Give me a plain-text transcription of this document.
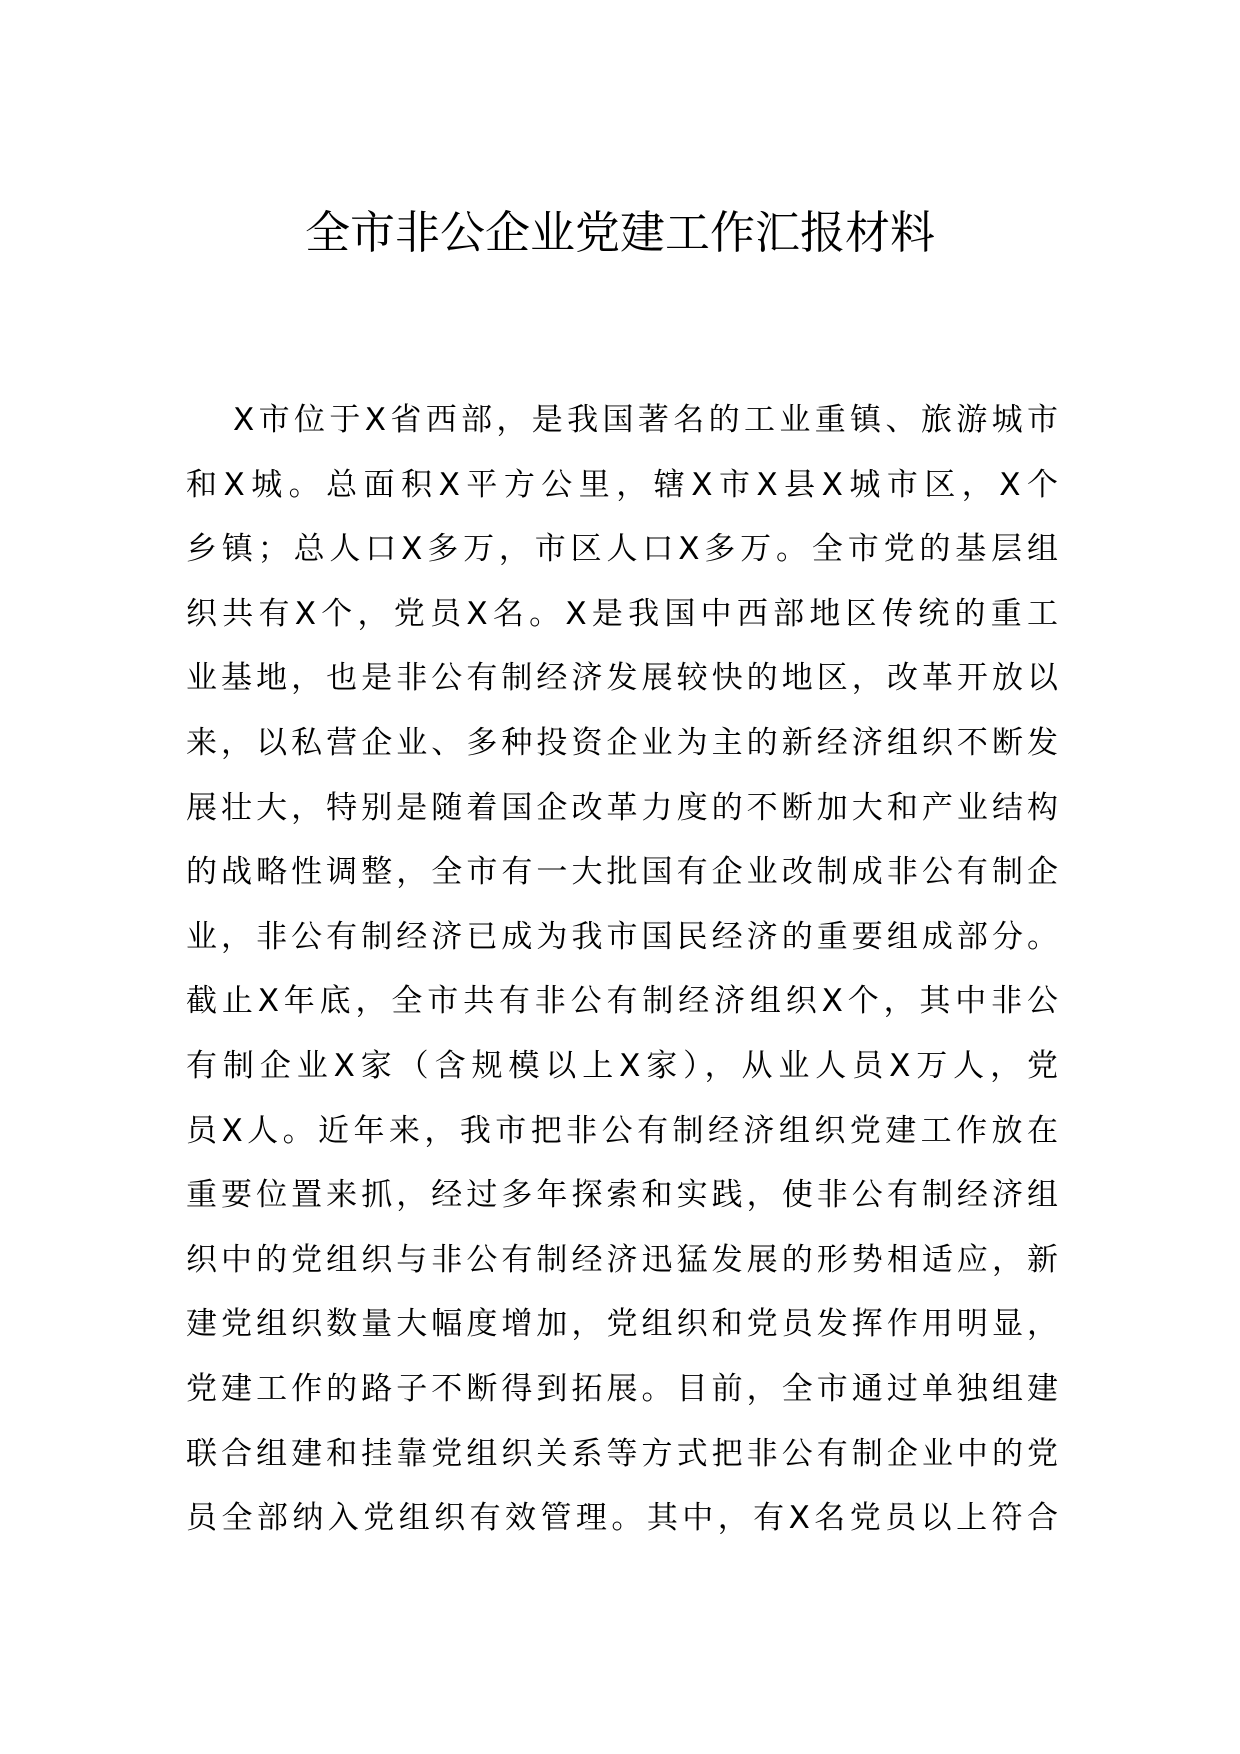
全市非公企业党建工作汇报材料
X市位于X省西部，是我国著名的工业重镇、旅游城市
和X城。总面积X平方公里，辖X市X县X城市区，X个
乡镇；总人口X多万，市区人口X多万。全市党的基层组
织共有X个，党员X名。X是我国中西部地区传统的重工
业基地，也是非公有制经济发展较快的地区，改革开放以
来，以私营企业、多种投资企业为主的新经济组织不断发
展壮大，特别是随着国企改革力度的不断加大和产业结构
的战略性调整，全市有一大批国有企业改制成非公有制企
业，非公有制经济已成为我市国民经济的重要组成部分。
截止X年底，全市共有非公有制经济组织X个，其中非公
有制企业X家（含规模以上X家），从业人员X万人，党
员X人。近年来，我市把非公有制经济组织党建工作放在
重要位置来抓，经过多年探索和实践，使非公有制经济组
织中的党组织与非公有制经济迅猛发展的形势相适应，新
建党组织数量大幅度增加，党组织和党员发挥作用明显，
党建工作的路子不断得到拓展。目前，全市通过单独组建
联合组建和挂靠党组织关系等方式把非公有制企业中的党
员全部纳入党组织有效管理。其中，有X名党员以上符合
